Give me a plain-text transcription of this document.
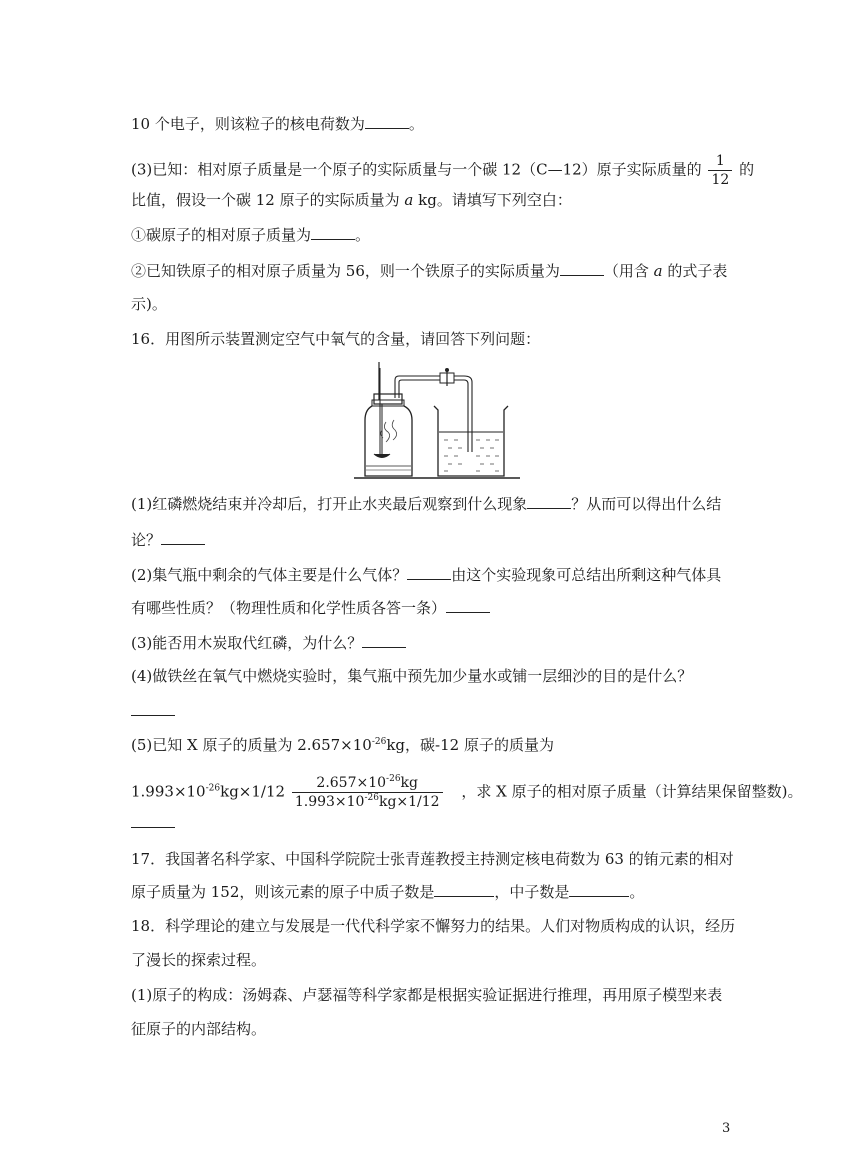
10 个电子，则该粒子的核电荷数为	。
(3)已知：相对原子质量是一个原子的实际质量与一个碳 12（C—12）原子实际质量的 $\frac{1}{12}$ 的
比值，假设一个碳 12 原子的实际质量为 a kg。请填写下列空白：
①碳原子的相对原子质量为	。
②已知铁原子的相对原子质量为 56，则一个铁原子的实际质量为	（用含 a 的式子表
示)。
16．用图所示装置测定空气中氧气的含量，请回答下列问题：
(1)红磷燃烧结束并冷却后，打开止水夹最后观察到什么现象	？从而可以得出什么结
论？
(2)集气瓶中剩余的气体主要是什么气体？	由这个实验现象可总结出所剩这种气体具
有哪些性质？（物理性质和化学性质各答一条）
(3)能否用木炭取代红磷，为什么？
(4)做铁丝在氧气中燃烧实验时，集气瓶中预先加少量水或铺一层细沙的目的是什么？
(5)已知 X 原子的质量为 $2.657\times 10^{-26}kg$，碳-12 原子的质量为
$1.993\times 10^{-26}kg\times 1/12 \frac{2.657\times 10^{-26}kg}{1.993\times 10^{-26}kg\times 1/12}$ ，求 X 原子的相对原子质量（计算结果保留整数)。
17．我国著名科学家、中国科学院院士张青莲教授主持测定核电荷数为 63 的铕元素的相对
原子质量为 152，则该元素的原子中质子数是	，中子数是	。
18．科学理论的建立与发展是一代代科学家不懈努力的结果。人们对物质构成的认识，经历
了漫长的探索过程。
(1)原子的构成：汤姆森、卢瑟福等科学家都是根据实验证据进行推理，再用原子模型来表
征原子的内部结构。
3
